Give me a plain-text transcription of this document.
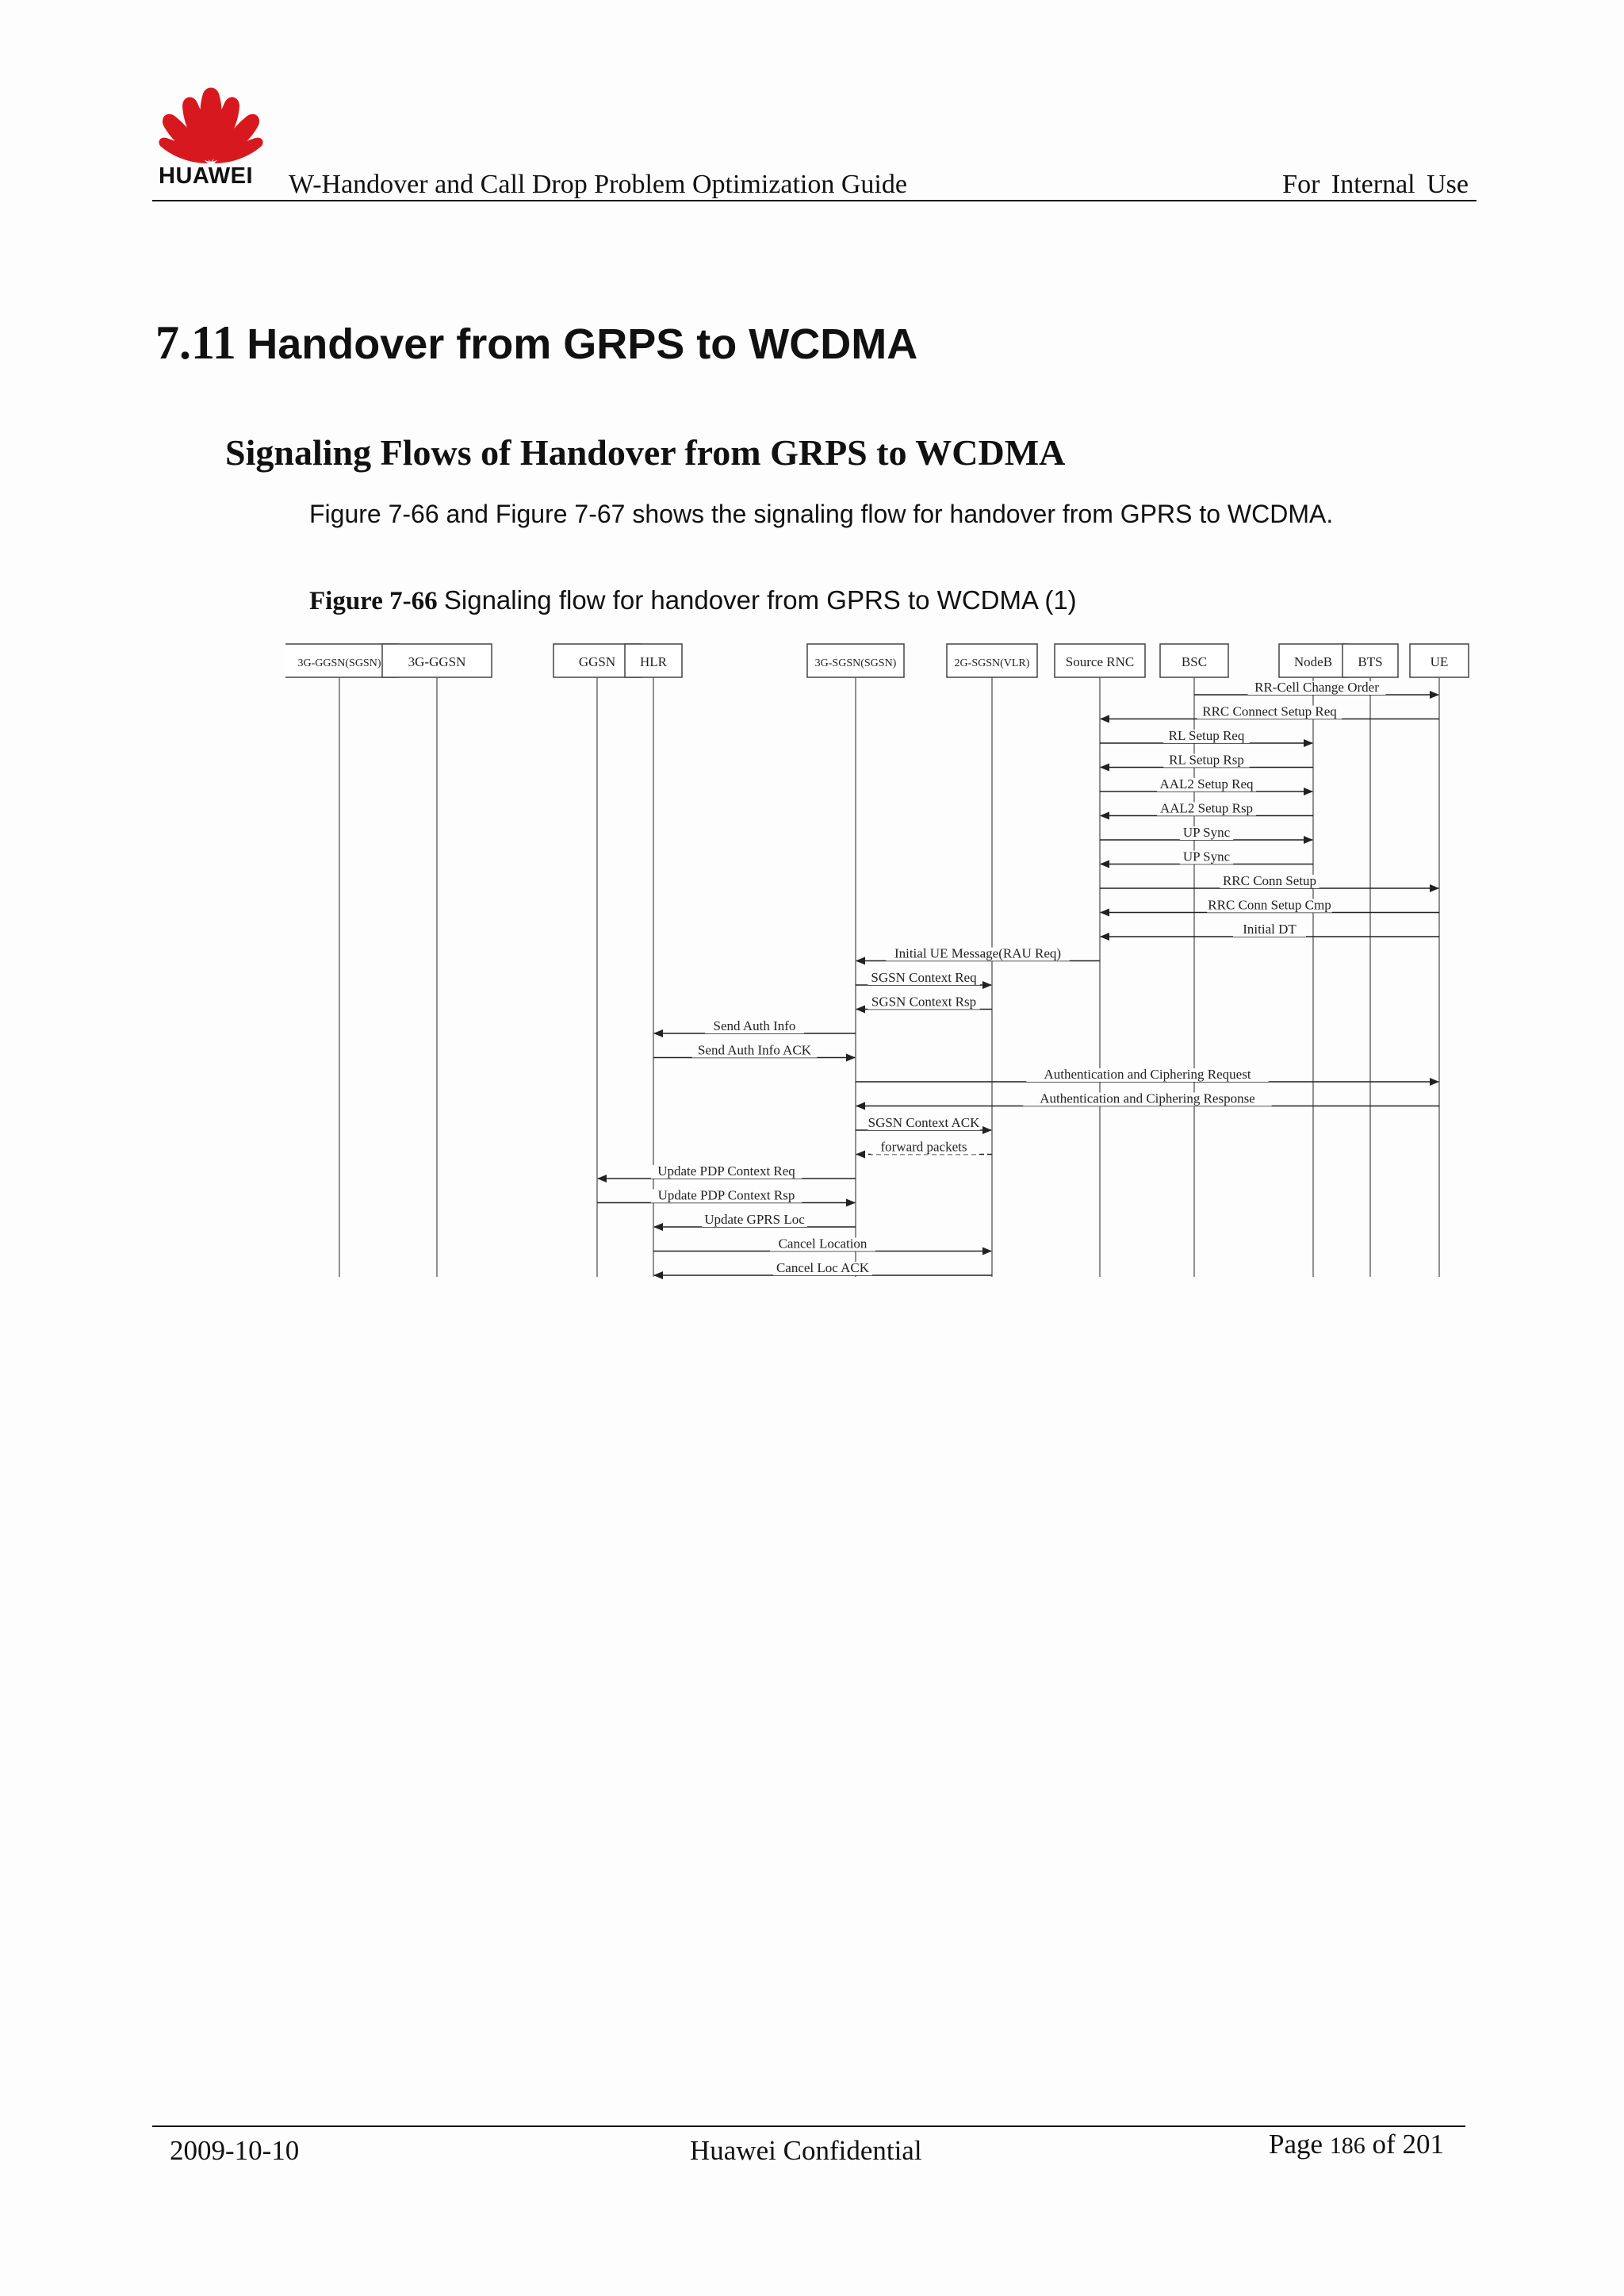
HUAWEI W-Handover and Call Drop Problem Optimization Guide	For Internal Use
7.11 Handover from GRPS to WCDMA
Signaling Flows of Handover from GRPS to WCDMA
Figure 7-66 and Figure 7-67 shows the signaling flow for handover from GPRS to WCDMA.
Figure 7-66 Signaling flow for handover from GPRS to WCDMA (1)
3G-GGSN(SGSN) 3G-GGSN	GGSN HLR	3G-SGSN(SGSN)	2G-SGSN(VLR)	Source RNC	BSC	NodeB BTS	UE
RR-Cell Change Order
RRC Connect Setup Req
RL Setup Req
RL Setup Rsp
AAL2 Setup Req
AAL2 Setup Rsp
UP Sync
UP Sync
RRC Conn Setup
RRC Conn Setup Cmp
Initial DT
Initial UE Message(RAU Req)
SGSN Context Req
SGSN Context Rsp
Send Auth Info
Send Auth Info ACK
Authentication and Ciphering Request
Authentication and Ciphering Response
SGSN Context ACK
forward packets
Update PDP Context Req
Update PDP Context Rsp
Update GPRS Loc
Cancel Location
Cancel Loc ACK
2009-10-10	Huawei Confidential	Page 186 of 201
